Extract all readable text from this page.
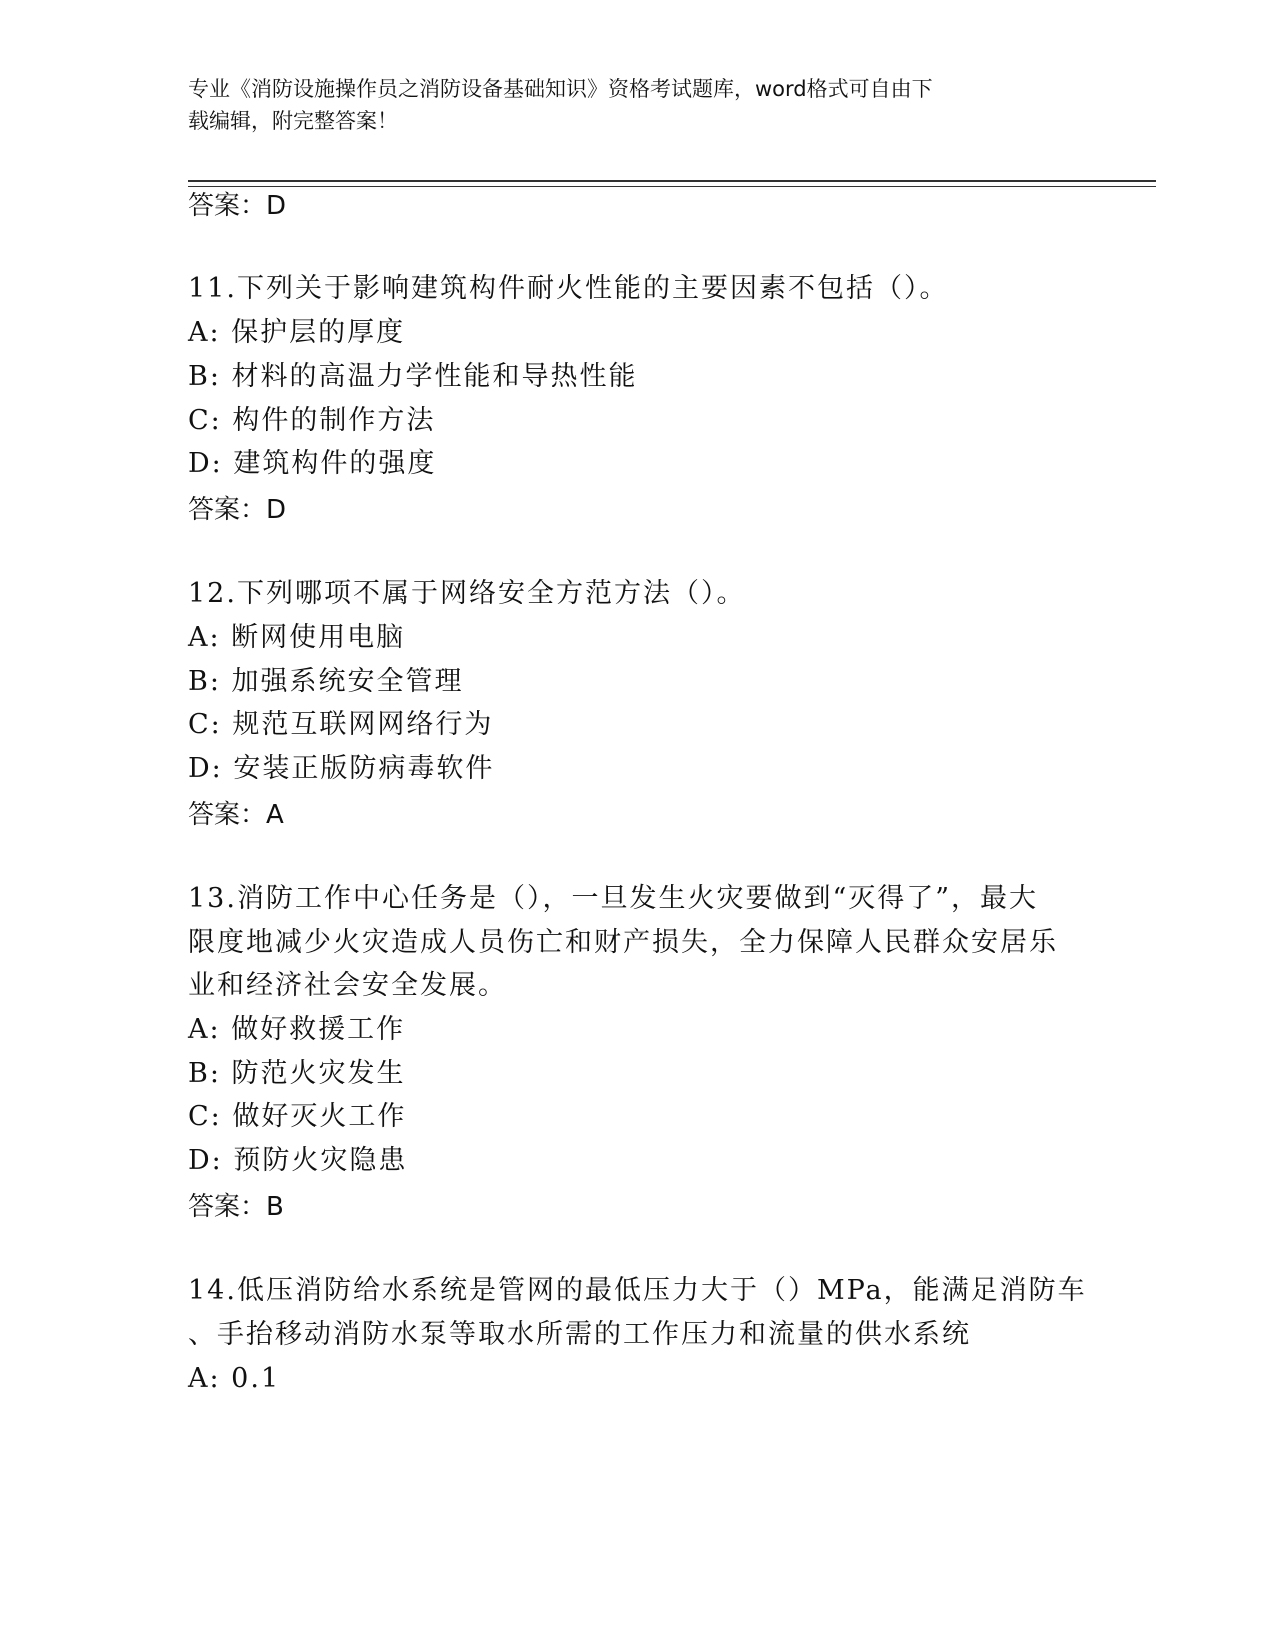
专业《消防设施操作员之消防设备基础知识》资格考试题库，word格式可自由下
载编辑，附完整答案！
答案：D
11.下列关于影响建筑构件耐火性能的主要因素不包括（）。
A: 保护层的厚度
B: 材料的高温力学性能和导热性能
C: 构件的制作方法
D: 建筑构件的强度
答案：D
12.下列哪项不属于网络安全方范方法（）。
A: 断网使用电脑
B: 加强系统安全管理
C: 规范互联网网络行为
D: 安装正版防病毒软件
答案：A
13.消防工作中心任务是（），一旦发生火灾要做到“灭得了”，最大
限度地减少火灾造成人员伤亡和财产损失，全力保障人民群众安居乐
业和经济社会安全发展。
A: 做好救援工作
B: 防范火灾发生
C: 做好灭火工作
D: 预防火灾隐患
答案：B
14.低压消防给水系统是管网的最低压力大于（）MPa，能满足消防车
、手抬移动消防水泵等取水所需的工作压力和流量的供水系统
A: 0.1
